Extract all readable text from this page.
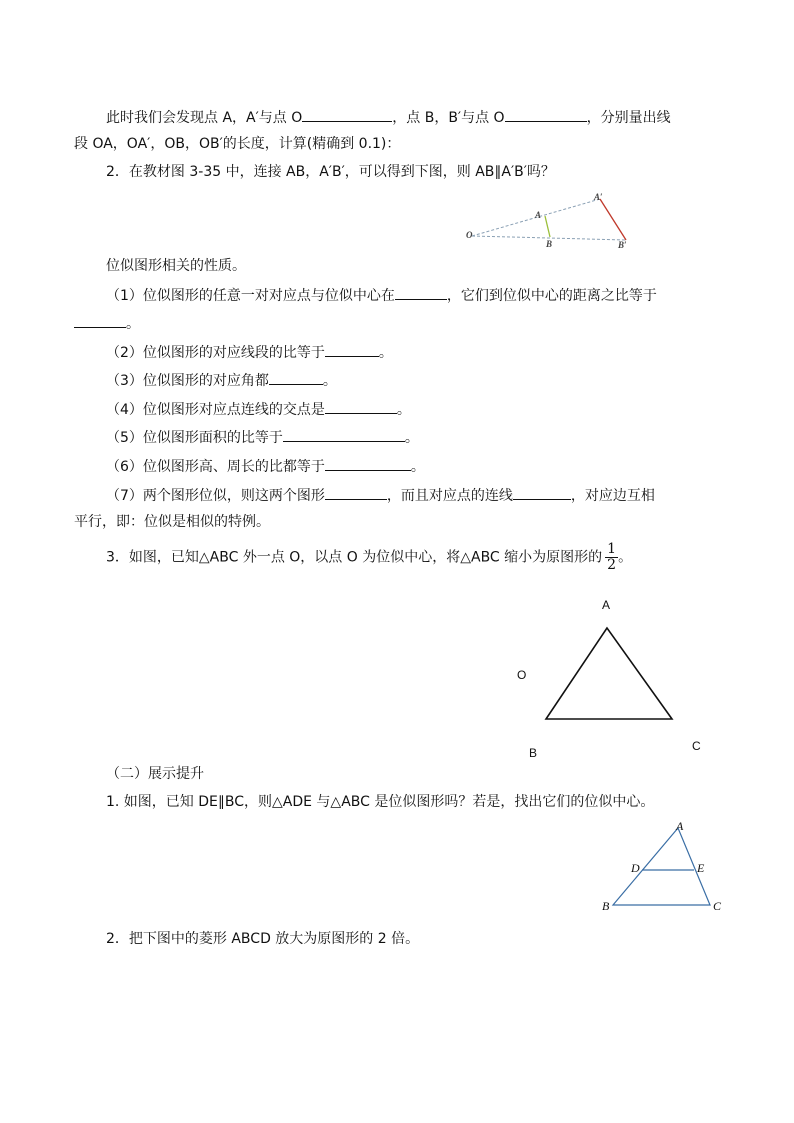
此时我们会发现点 A，A′与点 O	，点 B，B′与点 O	，分别量出线
段 OA，OA′，OB，OB′的长度，计算(精确到 0.1)：
2．在教材图 3-35 中，连接 AB，A′B′，可以得到下图，则 AB∥A′B′吗？
O
A
B
A′
B′
位似图形相关的性质。
（1）位似图形的任意一对对应点与位似中心在	，它们到位似中心的距离之比等于
。
（2）位似图形的对应线段的比等于	。
（3）位似图形的对应角都	。
（4）位似图形对应点连线的交点是	。
（5）位似图形面积的比等于	。
（6）位似图形高、周长的比都等于	。
（7）两个图形位似，则这两个图形	，而且对应点的连线	，对应边互相
平行，即：位似是相似的特例。
3．如图，已知△ABC 外一点 O，以点 O 为位似中心，将△ABC 缩小为原图形的 $\frac{1}{2}$ 。
A
O
B	C
（二）展示提升
1. 如图，已知 DE∥BC，则△ADE 与△ABC 是位似图形吗？若是，找出它们的位似中心。
A
D	E
B	C
2．把下图中的菱形 ABCD 放大为原图形的 2 倍。
